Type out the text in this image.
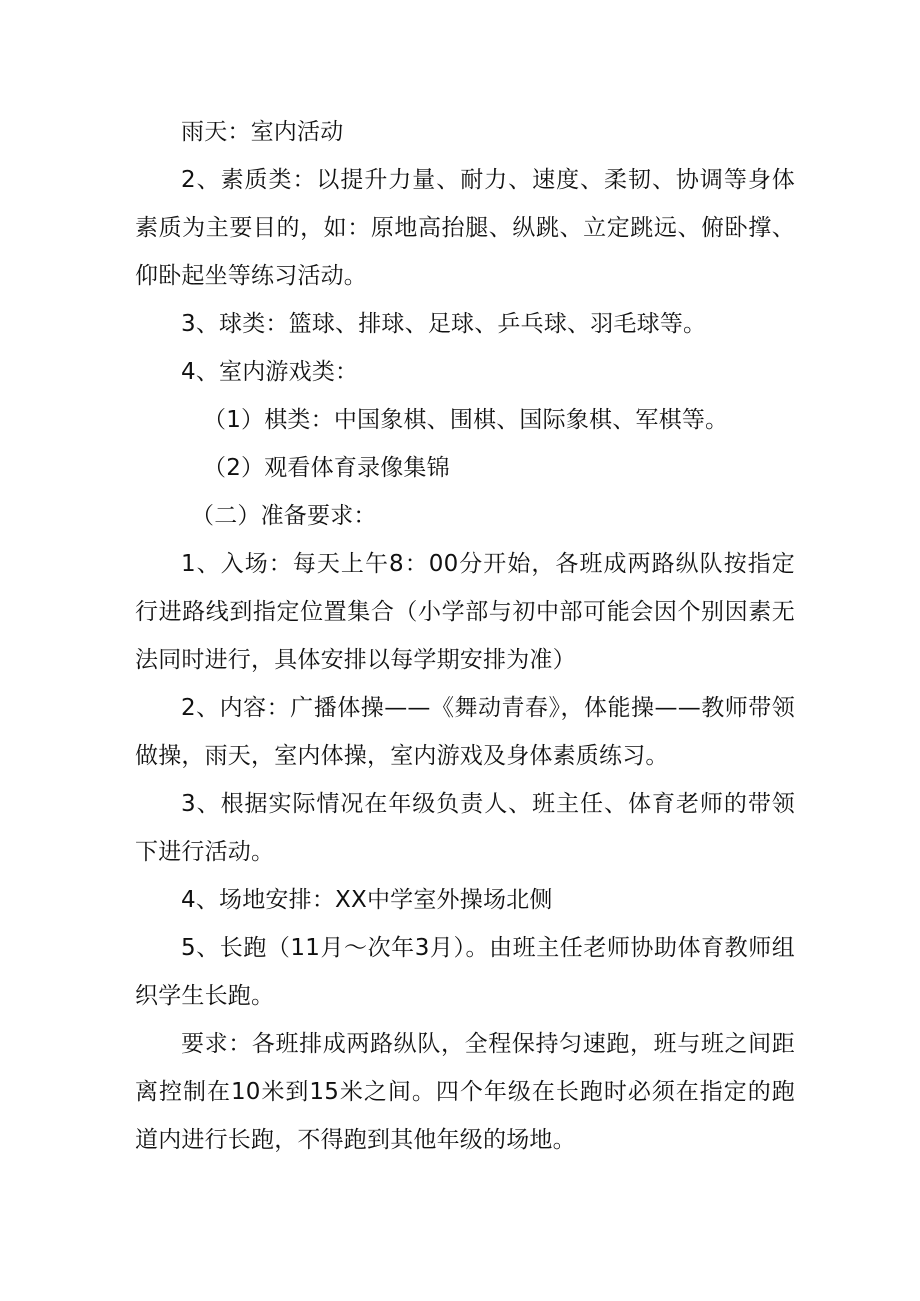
雨天：室内活动

2、素质类：以提升力量、耐力、速度、柔韧、协调等身体素质为主要目的，如：原地高抬腿、纵跳、立定跳远、俯卧撑、仰卧起坐等练习活动。

3、球类：篮球、排球、足球、乒乓球、羽毛球等。

4、室内游戏类：

（1）棋类：中国象棋、围棋、国际象棋、军棋等。

（2）观看体育录像集锦

（二）准备要求：

1、入场：每天上午8：00分开始，各班成两路纵队按指定行进路线到指定位置集合（小学部与初中部可能会因个别因素无法同时进行，具体安排以每学期安排为准）

2、内容：广播体操——《舞动青春》，体能操——教师带领做操，雨天，室内体操，室内游戏及身体素质练习。

3、根据实际情况在年级负责人、班主任、体育老师的带领下进行活动。

4、场地安排：XX中学室外操场北侧

5、长跑（11月〜次年3月）。由班主任老师协助体育教师组织学生长跑。

要求：各班排成两路纵队，全程保持匀速跑，班与班之间距离控制在10米到15米之间。四个年级在长跑时必须在指定的跑道内进行长跑，不得跑到其他年级的场地。
